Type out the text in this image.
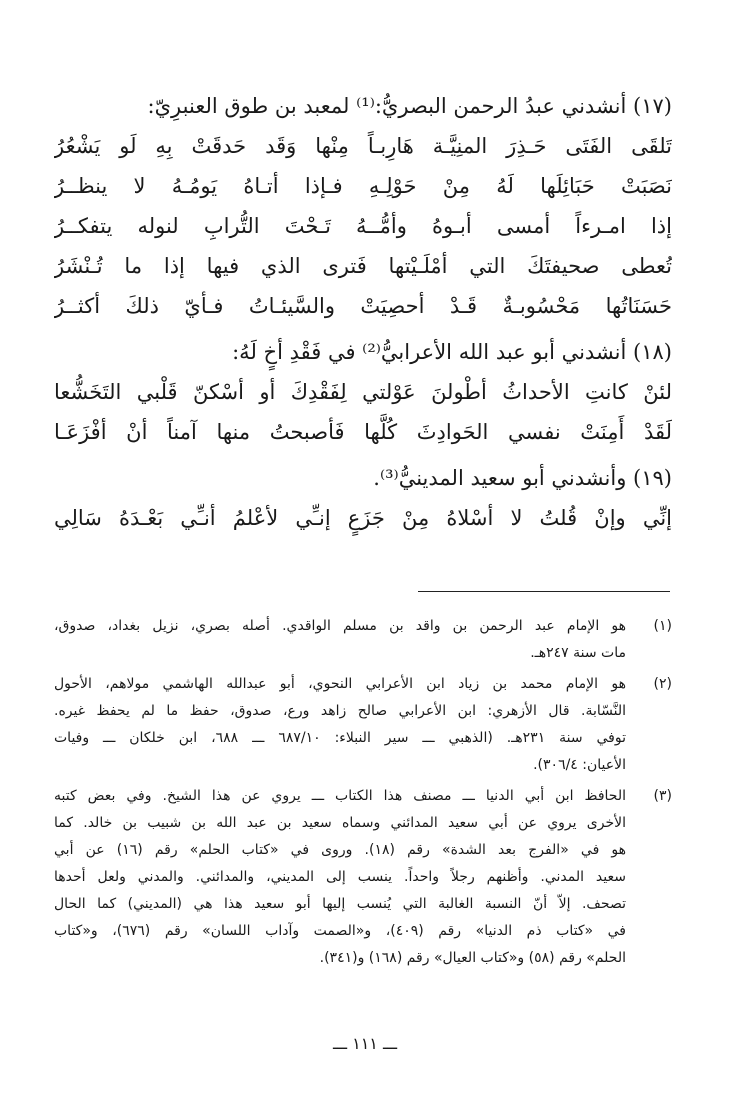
(١٧) أنشدني عبدُ الرحمن البصريُّ:⁽¹⁾ لمعبد بن طوق العنبرِيّ:
تَلقَى الفَتَى حَـذِرَ المنِيَّـة هَارِبـاً مِنْها وَقَد حَدقَتْ بِهِ لَو يَشْعُرُ
نَصَبَتْ حَبَائِلَها لَهُ مِنْ حَوْلِـهِ فـإذا أتـاهُ يَومُـهُ لا ينظــرُ
إذا امـرءاً أمسى أبـوهُ وأمُّــهُ تَـحْتَ التُّرابِ لنوله يتفكــرُ
تُعطى صحيفتَكَ التي أمْلَـيْتها فَترى الذي فيها إذا ما تُـنْشَرُ
حَسَنَاتُها مَحْسُوبـةٌ قَـدْ أحصِيَتْ والسَّيئـاتُ فـأيّ ذلكَ أكثــرُ
(١٨) أنشدني أبو عبد الله الأعرابيُّ⁽²⁾ في فَقْدِ أخٍ لَهُ:
لئنْ كانتِ الأحداثُ أطْولنَ عَوْلتي لِفَقْدِكَ أو أسْكنّ قَلْبي التَخَشُّعا
لَقَدْ أَمِنَتْ نفسي الحَوادِثَ كُلَّها فَأصبحتُ منها آمناً أنْ أفْزَعَـا
(١٩) وأنشدني أبو سعيد المدينيُّ⁽³⁾.
إنِّي وإنْ قُلتُ لا أسْلاهُ مِنْ جَزَعٍ إنـِّي لأعْلمُ أنـِّي بَعْـدَهُ سَالِي
(١)
هو الإمام عبد الرحمن بن واقد بن مسلم الواقدي. أصله بصري، نزيل بغداد، صدوق،
مات سنة ٢٤٧هـ.
(٢)
هو الإمام محمد بن زياد ابن الأعرابي النحوي، أبو عبدالله الهاشمي مولاهم، الأحول
النَّسّابة. قال الأزهري: ابن الأعرابي صالح زاهد ورع، صدوق، حفظ ما لم يحفظ غيره.
توفي سنة ٢٣١هـ. (الذهبي ـــ سير النبلاء: ٦٨٧/١٠ ـــ ٦٨٨، ابن خلكان ـــ وفيات
الأعيان: ٣٠٦/٤).
(٣)
الحافظ ابن أبي الدنيا ـــ مصنف هذا الكتاب ـــ يروي عن هذا الشيخ. وفي بعض كتبه
الأخرى يروي عن أبي سعيد المدائني وسماه سعيد بن عبد الله بن شبيب بن خالد. كما
هو في «الفرج بعد الشدة» رقم (١٨). وروى في «كتاب الحلم» رقم (١٦) عن أبي
سعيد المدني. وأظنهم رجلاً واحداً. ينسب إلى المديني، والمدائني. والمدني ولعل أحدها
تصحف. إلاّ أنّ النسبة الغالبة التي يُنسب إليها أبو سعيد هذا هي (المديني) كما الحال
في «كتاب ذم الدنيا» رقم (٤٠٩)، و«الصمت وآداب اللسان» رقم (٦٧٦)، و«كتاب
الحلم» رقم (٥٨) و«كتاب العيال» رقم (١٦٨) و(٣٤١).
ـــ ١١١ ـــ
